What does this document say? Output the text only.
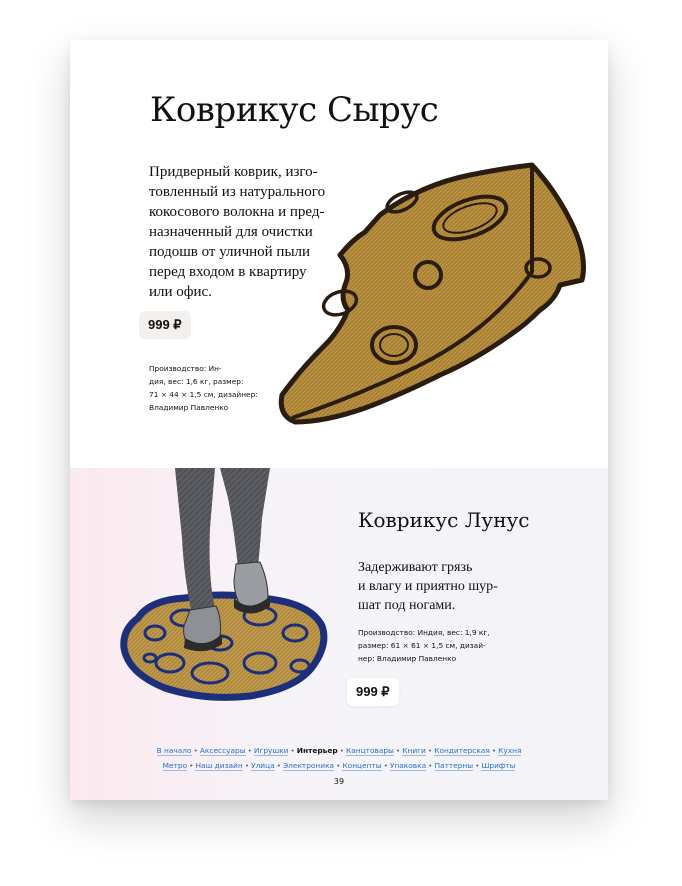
Коврикус Сырус

Придверный коврик, изго-
товленный из натурального
кокосового волокна и пред-
назначенный для очистки
подошв от уличной пыли
перед входом в квартиру
или офис.

999 ₽

Производство: Ин-
дия, вес: 1,6 кг, размер:
71 × 44 × 1,5 см, дизайнер:
Владимир Павленко

Коврикус Лунус

Задерживают грязь
и влагу и приятно шур-
шат под ногами.

Производство: Индия, вес: 1,9 кг,
размер: 61 × 61 × 1,5 см, дизай-
нер: Владимир Павленко

999 ₽
В начало • Аксессуары • Игрушки • Интерьер • Канцтовары • Книги • Кондитерская • Кухня
Метро • Наш дизайн • Улица • Электроника • Концепты • Упаковка • Паттерны • Шрифты
39
